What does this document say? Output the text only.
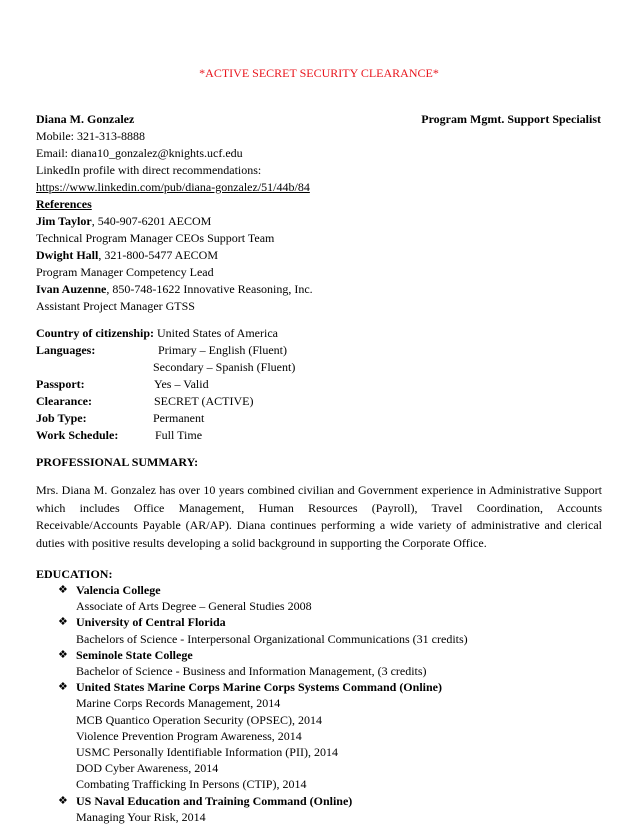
*ACTIVE SECRET SECURITY CLEARANCE*
Diana M. Gonzalez	Program Mgmt. Support Specialist
Mobile: 321-313-8888
Email: diana10_gonzalez@knights.ucf.edu
LinkedIn profile with direct recommendations:
https://www.linkedin.com/pub/diana-gonzalez/51/44b/84
References
Jim Taylor, 540-907-6201 AECOM
Technical Program Manager CEOs Support Team
Dwight Hall, 321-800-5477 AECOM
Program Manager Competency Lead
Ivan Auzenne, 850-748-1622 Innovative Reasoning, Inc.
Assistant Project Manager GTSS
Country of citizenship: United States of America
Languages:	Primary – English (Fluent)
Secondary – Spanish (Fluent)
Passport:	Yes – Valid
Clearance:	SECRET (ACTIVE)
Job Type:	Permanent
Work Schedule:	Full Time
PROFESSIONAL SUMMARY:
Mrs. Diana M. Gonzalez has over 10 years combined civilian and Government experience in Administrative Support which includes Office Management, Human Resources (Payroll), Travel Coordination, Accounts Receivable/Accounts Payable (AR/AP). Diana continues performing a wide variety of administrative and clerical duties with positive results developing a solid background in supporting the Corporate Office.
EDUCATION:
❖ Valencia College
Associate of Arts Degree – General Studies 2008
❖ University of Central Florida
Bachelors of Science - Interpersonal Organizational Communications (31 credits)
❖ Seminole State College
Bachelor of Science - Business and Information Management, (3 credits)
❖ United States Marine Corps Marine Corps Systems Command (Online)
Marine Corps Records Management, 2014
MCB Quantico Operation Security (OPSEC), 2014
Violence Prevention Program Awareness, 2014
USMC Personally Identifiable Information (PII), 2014
DOD Cyber Awareness, 2014
Combating Trafficking In Persons (CTIP), 2014
❖ US Naval Education and Training Command (Online)
Managing Your Risk, 2014
